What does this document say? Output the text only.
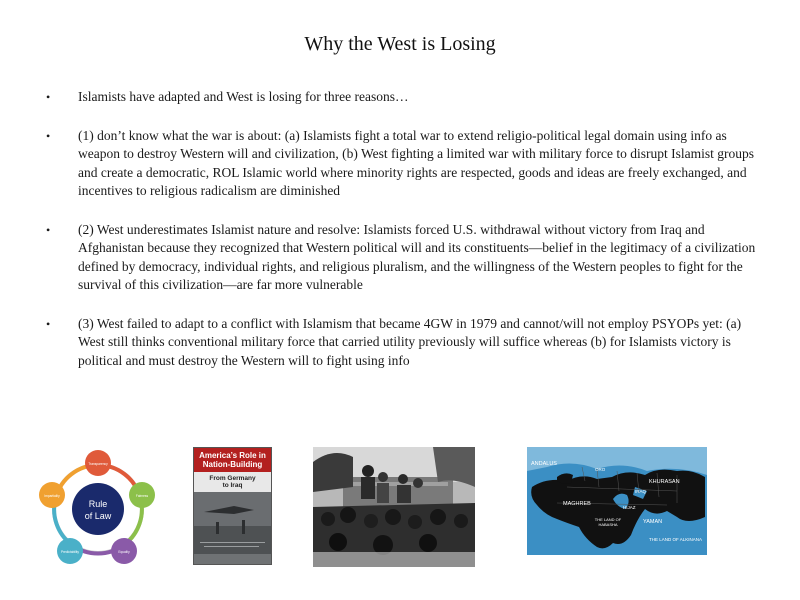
Why the West is Losing
• Islamists have adapted and West is losing for three reasons…
• (1) don’t know what the war is about: (a) Islamists fight a total war to extend religio-political legal domain using info as weapon to destroy Western will and civilization, (b) West fighting a limited war with military force to disrupt Islamist groups and create a democratic, ROL Islamic world where minority rights are respected, goods and ideas are freely exchanged, and incentives to religious radicalism are diminished
• (2) West underestimates Islamist nature and resolve: Islamists forced U.S. withdrawal without victory from Iraq and Afghanistan because they recognized that Western political will and its constituents—belief in the legitimacy of a civilization defined by democracy, individual rights, and religious pluralism, and the willingness of the Western peoples to fight for the survival of this civilization—are far more vulnerable
• (3) West failed to adapt to a conflict with Islamism that became 4GW in 1979 and cannot/will not employ PSYOPs yet: (a) West still thinks conventional military force that carried utility previously will suffice whereas (b) for Islamists victory is political and must destroy the Western will to fight using info
Rule
of Law
Transparency
Fairness
Equality
Predictability
Impartiality
America’s Role in
Nation-Building
From Germany
to Iraq
ANDALUS
KHURASAN
MAGHREB
YAMAN
THE LAND OF HABASHA
THE LAND OF ALKINANA
HIJAZ
IRAQ
ORO
